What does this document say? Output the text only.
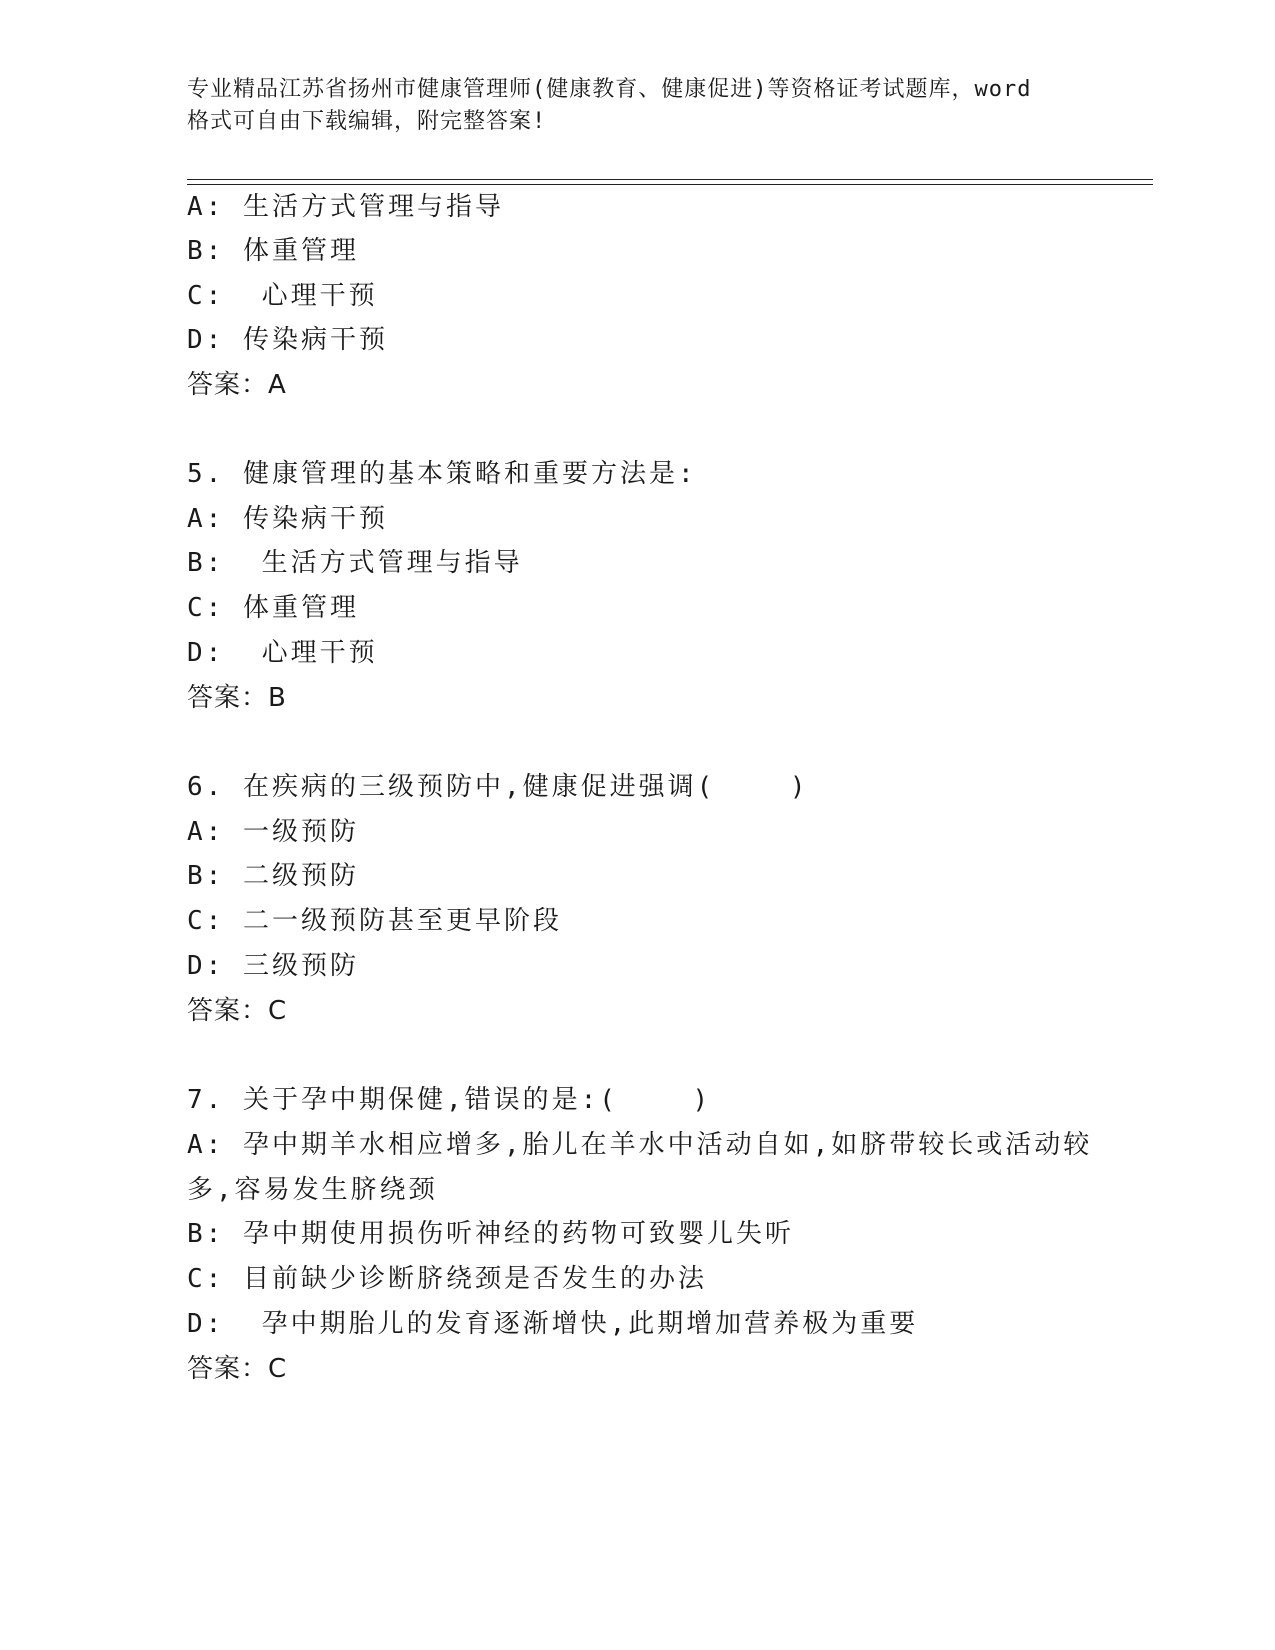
专业精品江苏省扬州市健康管理师(健康教育、健康促进)等资格证考试题库，word
格式可自由下载编辑，附完整答案!
A: 生活方式管理与指导
B: 体重管理
C:  心理干预
D: 传染病干预
答案：A
5. 健康管理的基本策略和重要方法是:
A: 传染病干预
B:  生活方式管理与指导
C: 体重管理
D:  心理干预
答案：B
6. 在疾病的三级预防中,健康促进强调(    )
A: 一级预防
B: 二级预防
C: 二一级预防甚至更早阶段
D: 三级预防
答案：C
7. 关于孕中期保健,错误的是:(    )
A: 孕中期羊水相应增多,胎儿在羊水中活动自如,如脐带较长或活动较
多,容易发生脐绕颈
B: 孕中期使用损伤听神经的药物可致婴儿失听
C: 目前缺少诊断脐绕颈是否发生的办法
D:  孕中期胎儿的发育逐渐增快,此期增加营养极为重要
答案：C
